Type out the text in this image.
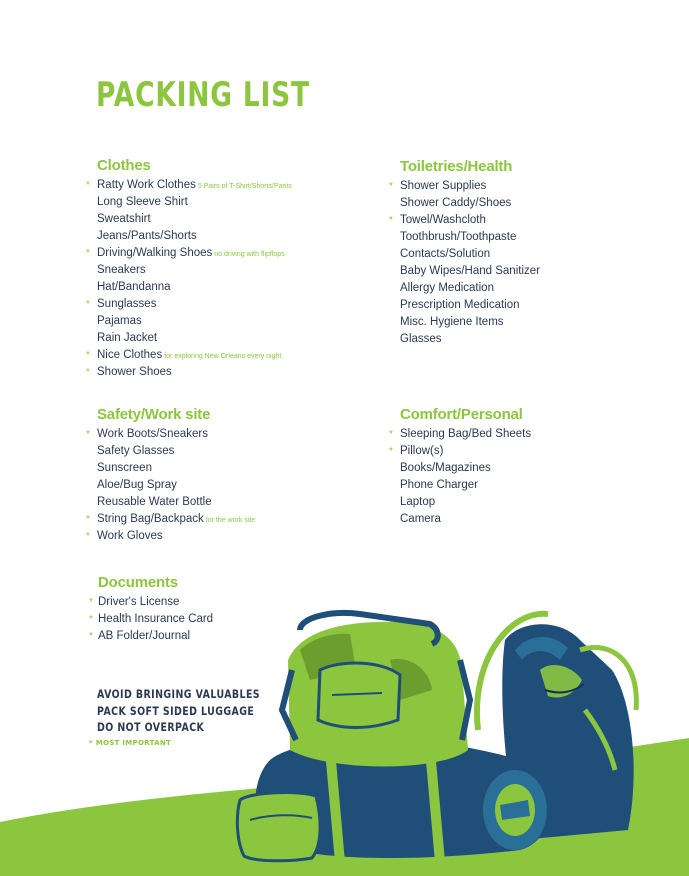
PACKING LIST
Clothes
* Ratty Work Clothes 5 Pairs of T-Shirt/Shorts/Pants
Long Sleeve Shirt
Sweatshirt
Jeans/Pants/Shorts
* Driving/Walking Shoes no driving with flipflops
Sneakers
Hat/Bandanna
* Sunglasses
Pajamas
Rain Jacket
* Nice Clothes for exploring New Orleans every night
* Shower Shoes
Toiletries/Health
* Shower Supplies
Shower Caddy/Shoes
* Towel/Washcloth
Toothbrush/Toothpaste
Contacts/Solution
Baby Wipes/Hand Sanitizer
Allergy Medication
Prescription Medication
Misc. Hygiene Items
Glasses
Safety/Work site
* Work Boots/Sneakers
Safety Glasses
Sunscreen
Aloe/Bug Spray
Reusable Water Bottle
* String Bag/Backpack for the work site
* Work Gloves
Comfort/Personal
* Sleeping Bag/Bed Sheets
* Pillow(s)
Books/Magazines
Phone Charger
Laptop
Camera
Documents
* Driver's License
* Health Insurance Card
* AB Folder/Journal
AVOID BRINGING VALUABLES
PACK SOFT SIDED LUGGAGE
DO NOT OVERPACK
* MOST IMPORTANT
